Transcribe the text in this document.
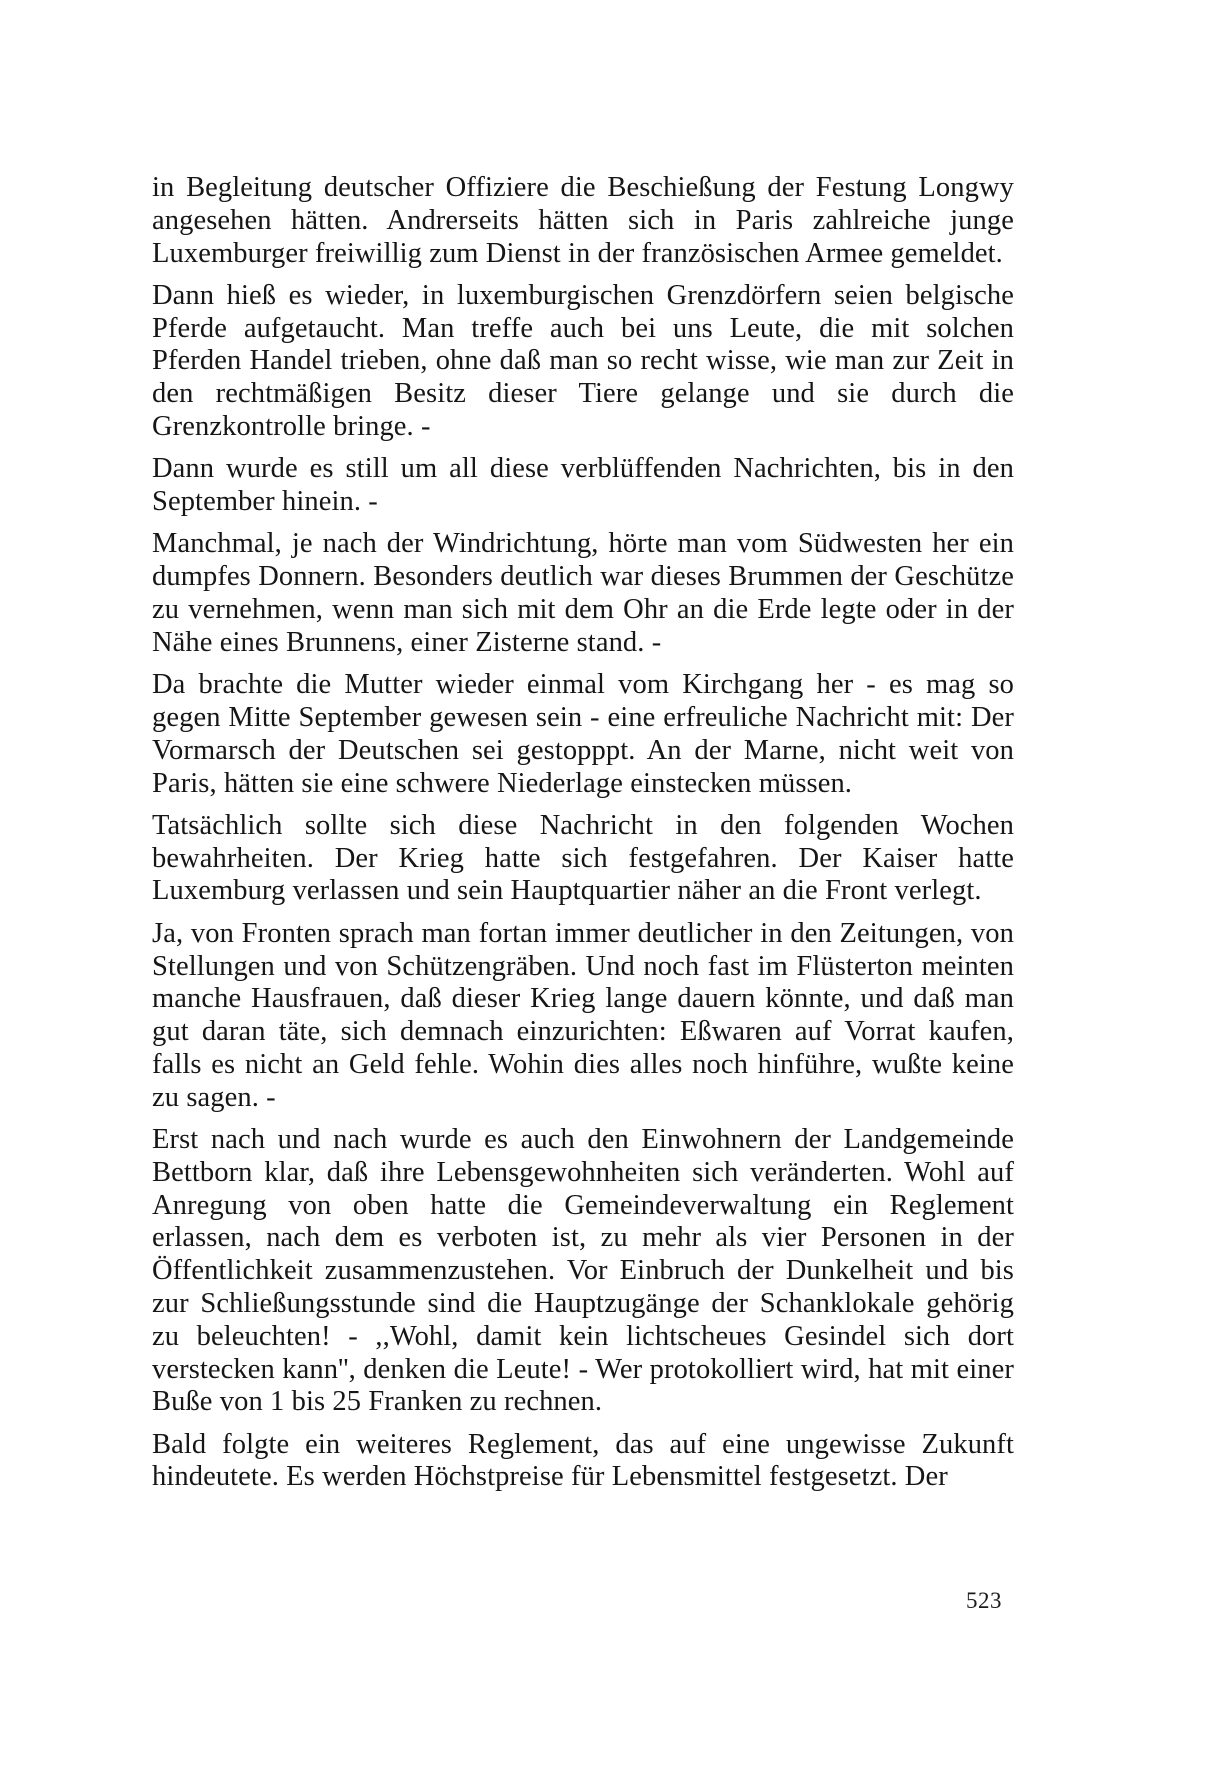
in Begleitung deutscher Offiziere die Beschießung der Festung Longwy angesehen hätten. Andrerseits hätten sich in Paris zahlreiche junge Luxemburger freiwillig zum Dienst in der französischen Armee gemeldet.

Dann hieß es wieder, in luxemburgischen Grenzdörfern seien belgische Pferde aufgetaucht. Man treffe auch bei uns Leute, die mit solchen Pferden Handel trieben, ohne daß man so recht wisse, wie man zur Zeit in den rechtmäßigen Besitz dieser Tiere gelange und sie durch die Grenzkontrolle bringe. -

Dann wurde es still um all diese verblüffenden Nachrichten, bis in den September hinein. -

Manchmal, je nach der Windrichtung, hörte man vom Südwesten her ein dumpfes Donnern. Besonders deutlich war dieses Brummen der Geschütze zu vernehmen, wenn man sich mit dem Ohr an die Erde legte oder in der Nähe eines Brunnens, einer Zisterne stand. -

Da brachte die Mutter wieder einmal vom Kirchgang her - es mag so gegen Mitte September gewesen sein - eine erfreuliche Nachricht mit: Der Vormarsch der Deutschen sei gestopppt. An der Marne, nicht weit von Paris, hätten sie eine schwere Niederlage einstecken müssen.

Tatsächlich sollte sich diese Nachricht in den folgenden Wochen bewahrheiten. Der Krieg hatte sich festgefahren. Der Kaiser hatte Luxemburg verlassen und sein Hauptquartier näher an die Front verlegt.

Ja, von Fronten sprach man fortan immer deutlicher in den Zeitungen, von Stellungen und von Schützengräben. Und noch fast im Flüsterton meinten manche Hausfrauen, daß dieser Krieg lange dauern könnte, und daß man gut daran täte, sich demnach einzurichten: Eßwaren auf Vorrat kaufen, falls es nicht an Geld fehle. Wohin dies alles noch hinführe, wußte keine zu sagen. -

Erst nach und nach wurde es auch den Einwohnern der Landgemeinde Bettborn klar, daß ihre Lebensgewohnheiten sich veränderten. Wohl auf Anregung von oben hatte die Gemeindeverwaltung ein Reglement erlassen, nach dem es verboten ist, zu mehr als vier Personen in der Öffentlichkeit zusammenzustehen. Vor Einbruch der Dunkelheit und bis zur Schließungsstunde sind die Hauptzugänge der Schanklokale gehörig zu beleuchten! - ,,Wohl, damit kein lichtscheues Gesindel sich dort verstecken kann'', denken die Leute! - Wer protokolliert wird, hat mit einer Buße von 1 bis 25 Franken zu rechnen.

Bald folgte ein weiteres Reglement, das auf eine ungewisse Zukunft hindeutete. Es werden Höchstpreise für Lebensmittel festgesetzt. Der

523
